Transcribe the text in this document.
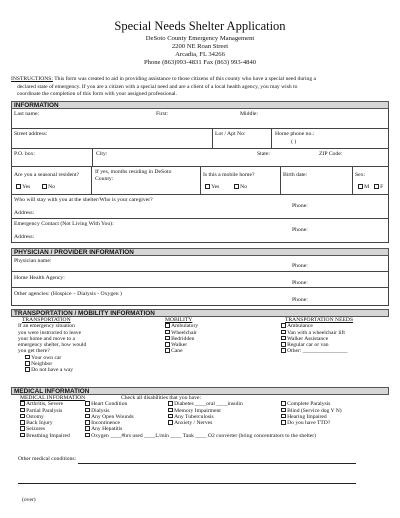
Special Needs Shelter Application
DeSoto County Emergency Management
2200 NE Roan Street
Arcadia, FL 34266
Phone (863)993-4831 Fax (863) 993-4840
INSTRUCTIONS: This form was created to aid in providing assistance to those citizens of this county who have a special need during a
declared state of emergency. If you are a citizen with a special need and are a client of a local health agency, you may wish to
coordinate the completion of this form with your assigned professional.
INFORMATION
Last name:	First:	Middle:
Street address:	Lot / Apt No:	Home phone no.:
( )
P.O. box:	City:	State:	ZIP Code:
Are you a seasonal resident?
Yes	No
If yes, months residing in DeSoto
County:
Is this a mobile home?
Yes	No
Birth date:	Sex:
M	F
Who will stay with you at the shelter/Who is your caregiver?
Address:
Phone:
Emergency Contact (Not Living With You):
Address:
Phone:
PHYSICIAN / PROVIDER INFORMATION
Physician name:
Phone:
Home Health Agency:
Phone:
Other agencies: (Hospice – Dialysis - Oxygen )
Phone:
TRANSPORTATION / MOBILITY INFORMATION
TRANSPORTATION
If an emergency situation
you were instructed to leave
your home and move to a
emergency shelter, how would
you get there?
Your own car
Neighbor
Do not have a way
MOBILITY
Ambulatory
Wheelchair
Bedridden
Walker
Cane
TRANSPORTATION NEEDS
Ambulance
Van with a wheelchair lift
Walker Assistance
Regular car or van
Other: ________________
MEDICAL INFORMATION
MEDICAL INFORMATION	Check all disabilities that you have:
Arthritis, Severe	Heart Condition	Diabetes ____oral ____insulin	Complete Paralysis
Partial Paralysis	Dialysis	Memory Impairment	Blind (Service dog Y N)
Ostomy	Any Open Wounds	Any Tuberculosis	Hearing Impaired
Back Injury	Incontinence	Anxiety / Nerves	Do you have TTD?
Seizures	Any Hepatitis
Breathing Impaired	Oxygen ____#hrs used ____L/min ____ Tank ____ O2 converter (bring concentrators to the shelter)
Other medical conditions:
(over)
